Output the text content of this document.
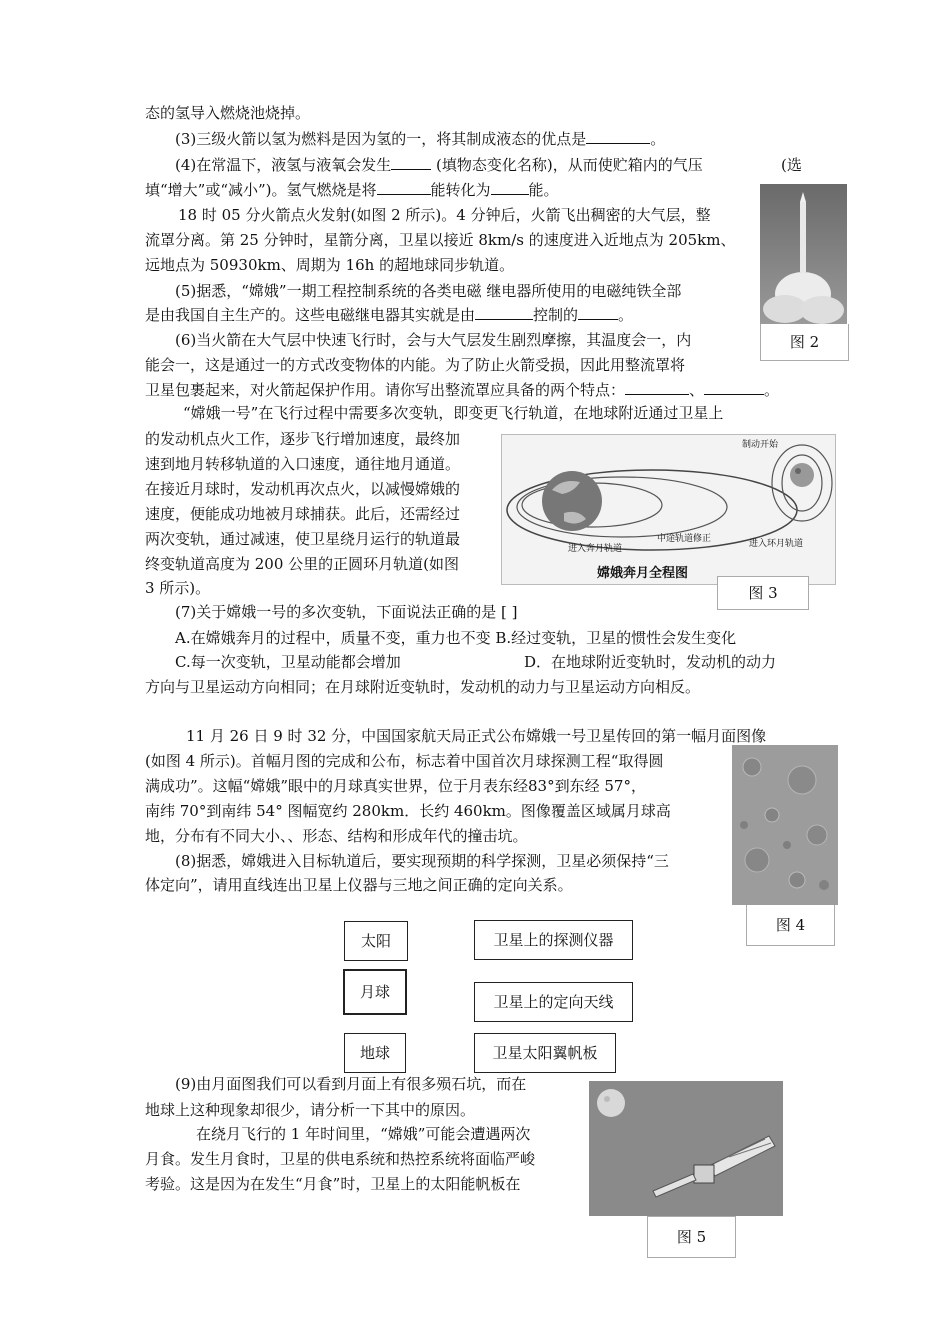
态的氢导入燃烧池烧掉。
(3)三级火箭以氢为燃料是因为氢的一，将其制成液态的优点是	。
(4)在常温下，液氢与液氧会发生	(填物态变化名称)，从而使贮箱内的气压	(选
填“增大”或“减小”)。氢气燃烧是将	能转化为	能。
18 时 05 分火箭点火发射(如图 2 所示)。4 分钟后，火箭飞出稠密的大气层，整
流罩分离。第 25 分钟时，星箭分离，卫星以接近 8km/s 的速度进入近地点为 205km、
远地点为 50930km、周期为 16h 的超地球同步轨道。
(5)据悉，“嫦娥”一期工程控制系统的各类电磁 继电器所使用的电磁纯铁全部
是由我国自主生产的。这些电磁继电器其实就是由	控制的	。
(6)当火箭在大气层中快速飞行时，会与大气层发生剧烈摩擦，其温度会一，内
能会一，这是通过一的方式改变物体的内能。为了防止火箭受损，因此用整流罩将
卫星包裹起来，对火箭起保护作用。请你写出整流罩应具备的两个特点：	、	。
“嫦娥一号”在飞行过程中需要多次变轨，即变更飞行轨道，在地球附近通过卫星上
的发动机点火工作，逐步飞行增加速度，最终加
速到地月转移轨道的入口速度，通往地月通道。
在接近月球时，发动机再次点火，以减慢嫦娥的
速度，便能成功地被月球捕获。此后，还需经过
两次变轨，通过减速，使卫星绕月运行的轨道最
终变轨道高度为 200 公里的正圆环月轨道(如图
3 所示)。
(7)关于嫦娥一号的多次变轨，下面说法正确的是 [ ]
A.在嫦娥奔月的过程中，质量不变，重力也不变 B.经过变轨，卫星的惯性会发生变化
C.每一次变轨，卫星动能都会增加	D．在地球附近变轨时，发动机的动力
方向与卫星运动方向相同；在月球附近变轨时，发动机的动力与卫星运动方向相反。
11 月 26 日 9 时 32 分，中国国家航天局正式公布嫦娥一号卫星传回的第一幅月面图像
(如图 4 所示)。首幅月图的完成和公布，标志着中国首次月球探测工程“取得圆
满成功”。这幅“嫦娥”眼中的月球真实世界，位于月表东经83°到东经 57°，
南纬 70°到南纬 54° 图幅宽约 280km．长约 460km。图像覆盖区域属月球高
地，分布有不同大小、、形态、结构和形成年代的撞击坑。
(8)据悉，嫦娥进入目标轨道后，要实现预期的科学探测，卫星必须保持“三
体定向”，请用直线连出卫星上仪器与三地之间正确的定向关系。
(9)由月面图我们可以看到月面上有很多殒石坑，而在
地球上这种现象却很少，请分析一下其中的原因。
在绕月飞行的 1 年时间里，“嫦娥”可能会遭遇两次
月食。发生月食时，卫星的供电系统和热控系统将面临严峻
考验。这是因为在发生“月食”时，卫星上的太阳能帆板在
图 2
制动开始
进入奔月轨道
中途轨道修正	进入环月轨道
嫦娥奔月全程图
图 3
图 4
太阳
月球
地球
卫星上的探测仪器
卫星上的定向天线
卫星太阳翼帆板
图 5
